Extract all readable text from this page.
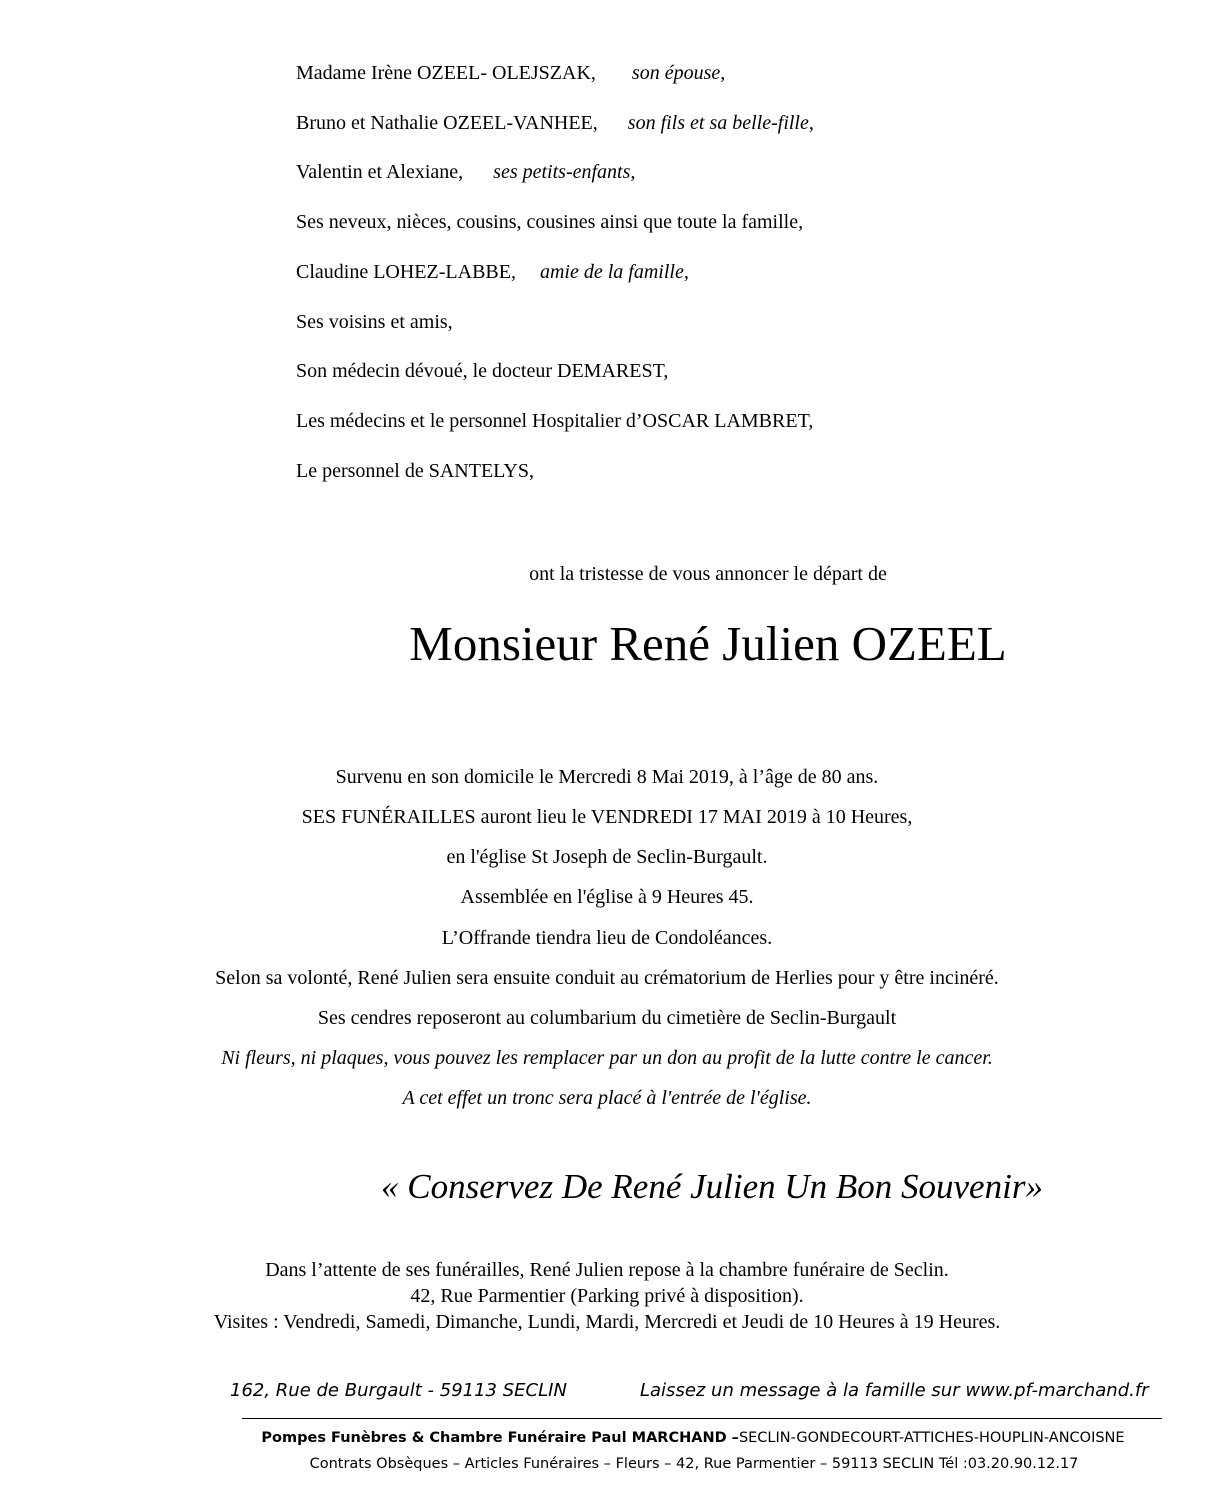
Madame Irène OZEEL- OLEJSZAK, son épouse,
Bruno et Nathalie OZEEL-VANHEE, son fils et sa belle-fille,
Valentin et Alexiane, ses petits-enfants,
Ses neveux, nièces, cousins, cousines ainsi que toute la famille,
Claudine LOHEZ-LABBE, amie de la famille,
Ses voisins et amis,
Son médecin dévoué, le docteur DEMAREST,
Les médecins et le personnel Hospitalier d’OSCAR LAMBRET,
Le personnel de SANTELYS,
ont la tristesse de vous annoncer le départ de
Monsieur René Julien OZEEL
Survenu en son domicile le Mercredi 8 Mai 2019, à l’âge de 80 ans.
SES FUNÉRAILLES auront lieu le VENDREDI 17 MAI 2019 à 10 Heures,
en l'église St Joseph de Seclin-Burgault.
Assemblée en l'église à 9 Heures 45.
L’Offrande tiendra lieu de Condoléances.
Selon sa volonté, René Julien sera ensuite conduit au crématorium de Herlies pour y être incinéré.
Ses cendres reposeront au columbarium du cimetière de Seclin-Burgault
Ni fleurs, ni plaques, vous pouvez les remplacer par un don au profit de la lutte contre le cancer.
A cet effet un tronc sera placé à l'entrée de l'église.
« Conservez De René Julien Un Bon Souvenir»
Dans l’attente de ses funérailles, René Julien repose à la chambre funéraire de Seclin.
42, Rue Parmentier (Parking privé à disposition).
Visites : Vendredi, Samedi, Dimanche, Lundi, Mardi, Mercredi et Jeudi de 10 Heures à 19 Heures.
162, Rue de Burgault - 59113 SECLIN	Laissez un message à la famille sur www.pf-marchand.fr
Pompes Funèbres & Chambre Funéraire Paul MARCHAND –SECLIN-GONDECOURT-ATTICHES-HOUPLIN-ANCOISNE
Contrats Obsèques – Articles Funéraires – Fleurs – 42, Rue Parmentier – 59113 SECLIN Tél :03.20.90.12.17
